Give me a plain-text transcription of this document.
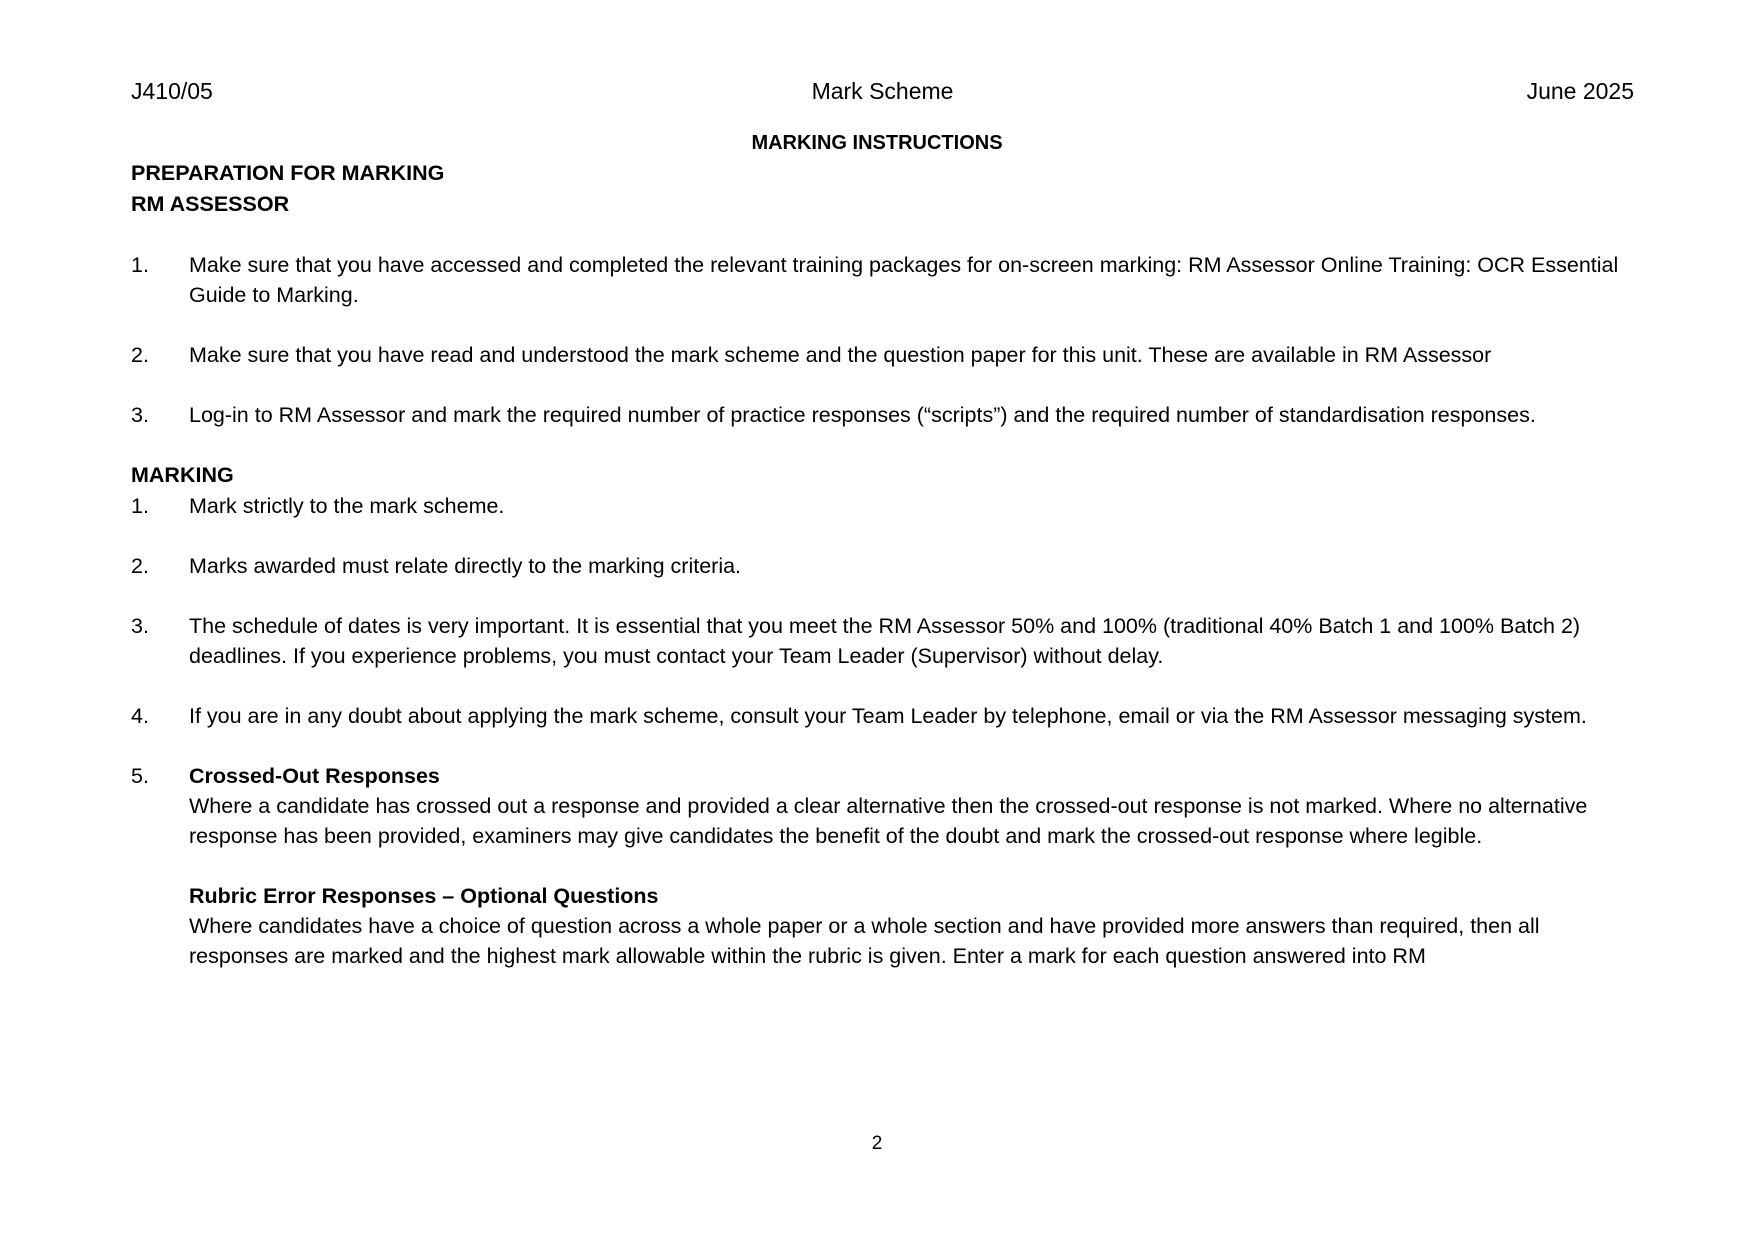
J410/05	Mark Scheme	June 2025
MARKING INSTRUCTIONS
PREPARATION FOR MARKING
RM ASSESSOR
1.	Make sure that you have accessed and completed the relevant training packages for on-screen marking: RM Assessor Online Training: OCR Essential Guide to Marking.
2.	Make sure that you have read and understood the mark scheme and the question paper for this unit. These are available in RM Assessor
3.	Log-in to RM Assessor and mark the required number of practice responses (“scripts”) and the required number of standardisation responses.
MARKING
1.	Mark strictly to the mark scheme.
2.	Marks awarded must relate directly to the marking criteria.
3.	The schedule of dates is very important. It is essential that you meet the RM Assessor 50% and 100% (traditional 40% Batch 1 and 100% Batch 2) deadlines. If you experience problems, you must contact your Team Leader (Supervisor) without delay.
4.	If you are in any doubt about applying the mark scheme, consult your Team Leader by telephone, email or via the RM Assessor messaging system.
5.	Crossed-Out Responses
Where a candidate has crossed out a response and provided a clear alternative then the crossed-out response is not marked. Where no alternative response has been provided, examiners may give candidates the benefit of the doubt and mark the crossed-out response where legible.
Rubric Error Responses – Optional Questions
Where candidates have a choice of question across a whole paper or a whole section and have provided more answers than required, then all responses are marked and the highest mark allowable within the rubric is given. Enter a mark for each question answered into RM
2
